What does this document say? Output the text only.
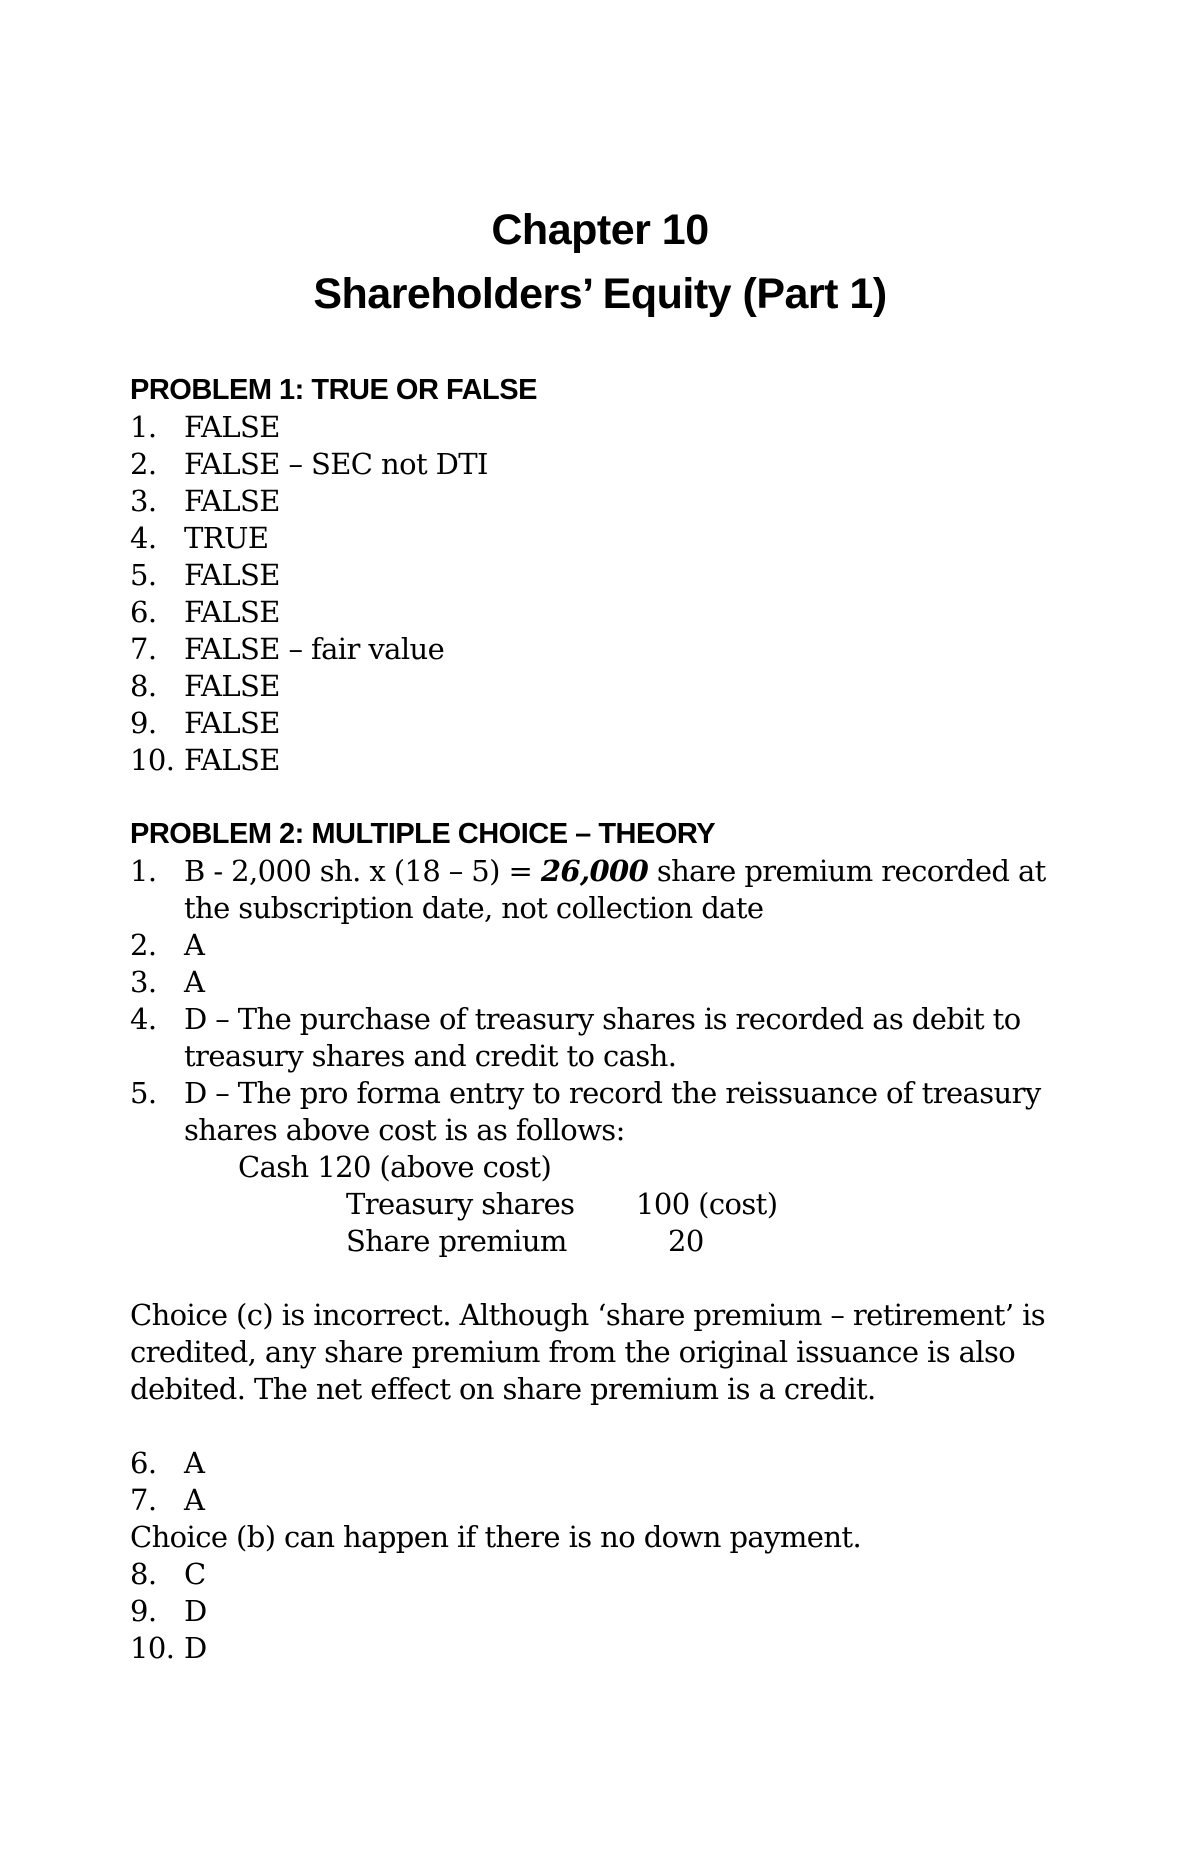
Chapter 10
Shareholders’ Equity (Part 1)
PROBLEM 1: TRUE OR FALSE
1. FALSE
2. FALSE – SEC not DTI
3. FALSE
4. TRUE
5. FALSE
6. FALSE
7. FALSE – fair value
8. FALSE
9. FALSE
10. FALSE
PROBLEM 2: MULTIPLE CHOICE – THEORY
1. B - 2,000 sh. x (18 – 5) = 26,000 share premium recorded at the subscription date, not collection date
2. A
3. A
4. D – The purchase of treasury shares is recorded as debit to treasury shares and credit to cash.
5. D – The pro forma entry to record the reissuance of treasury shares above cost is as follows:
Cash 120 (above cost)
Treasury shares 100 (cost)
Share premium	20

Choice (c) is incorrect. Although ‘share premium – retirement’ is credited, any share premium from the original issuance is also debited. The net effect on share premium is a credit.

6. A
7. A

Choice (b) can happen if there is no down payment.

8. C
9. D
10. D
